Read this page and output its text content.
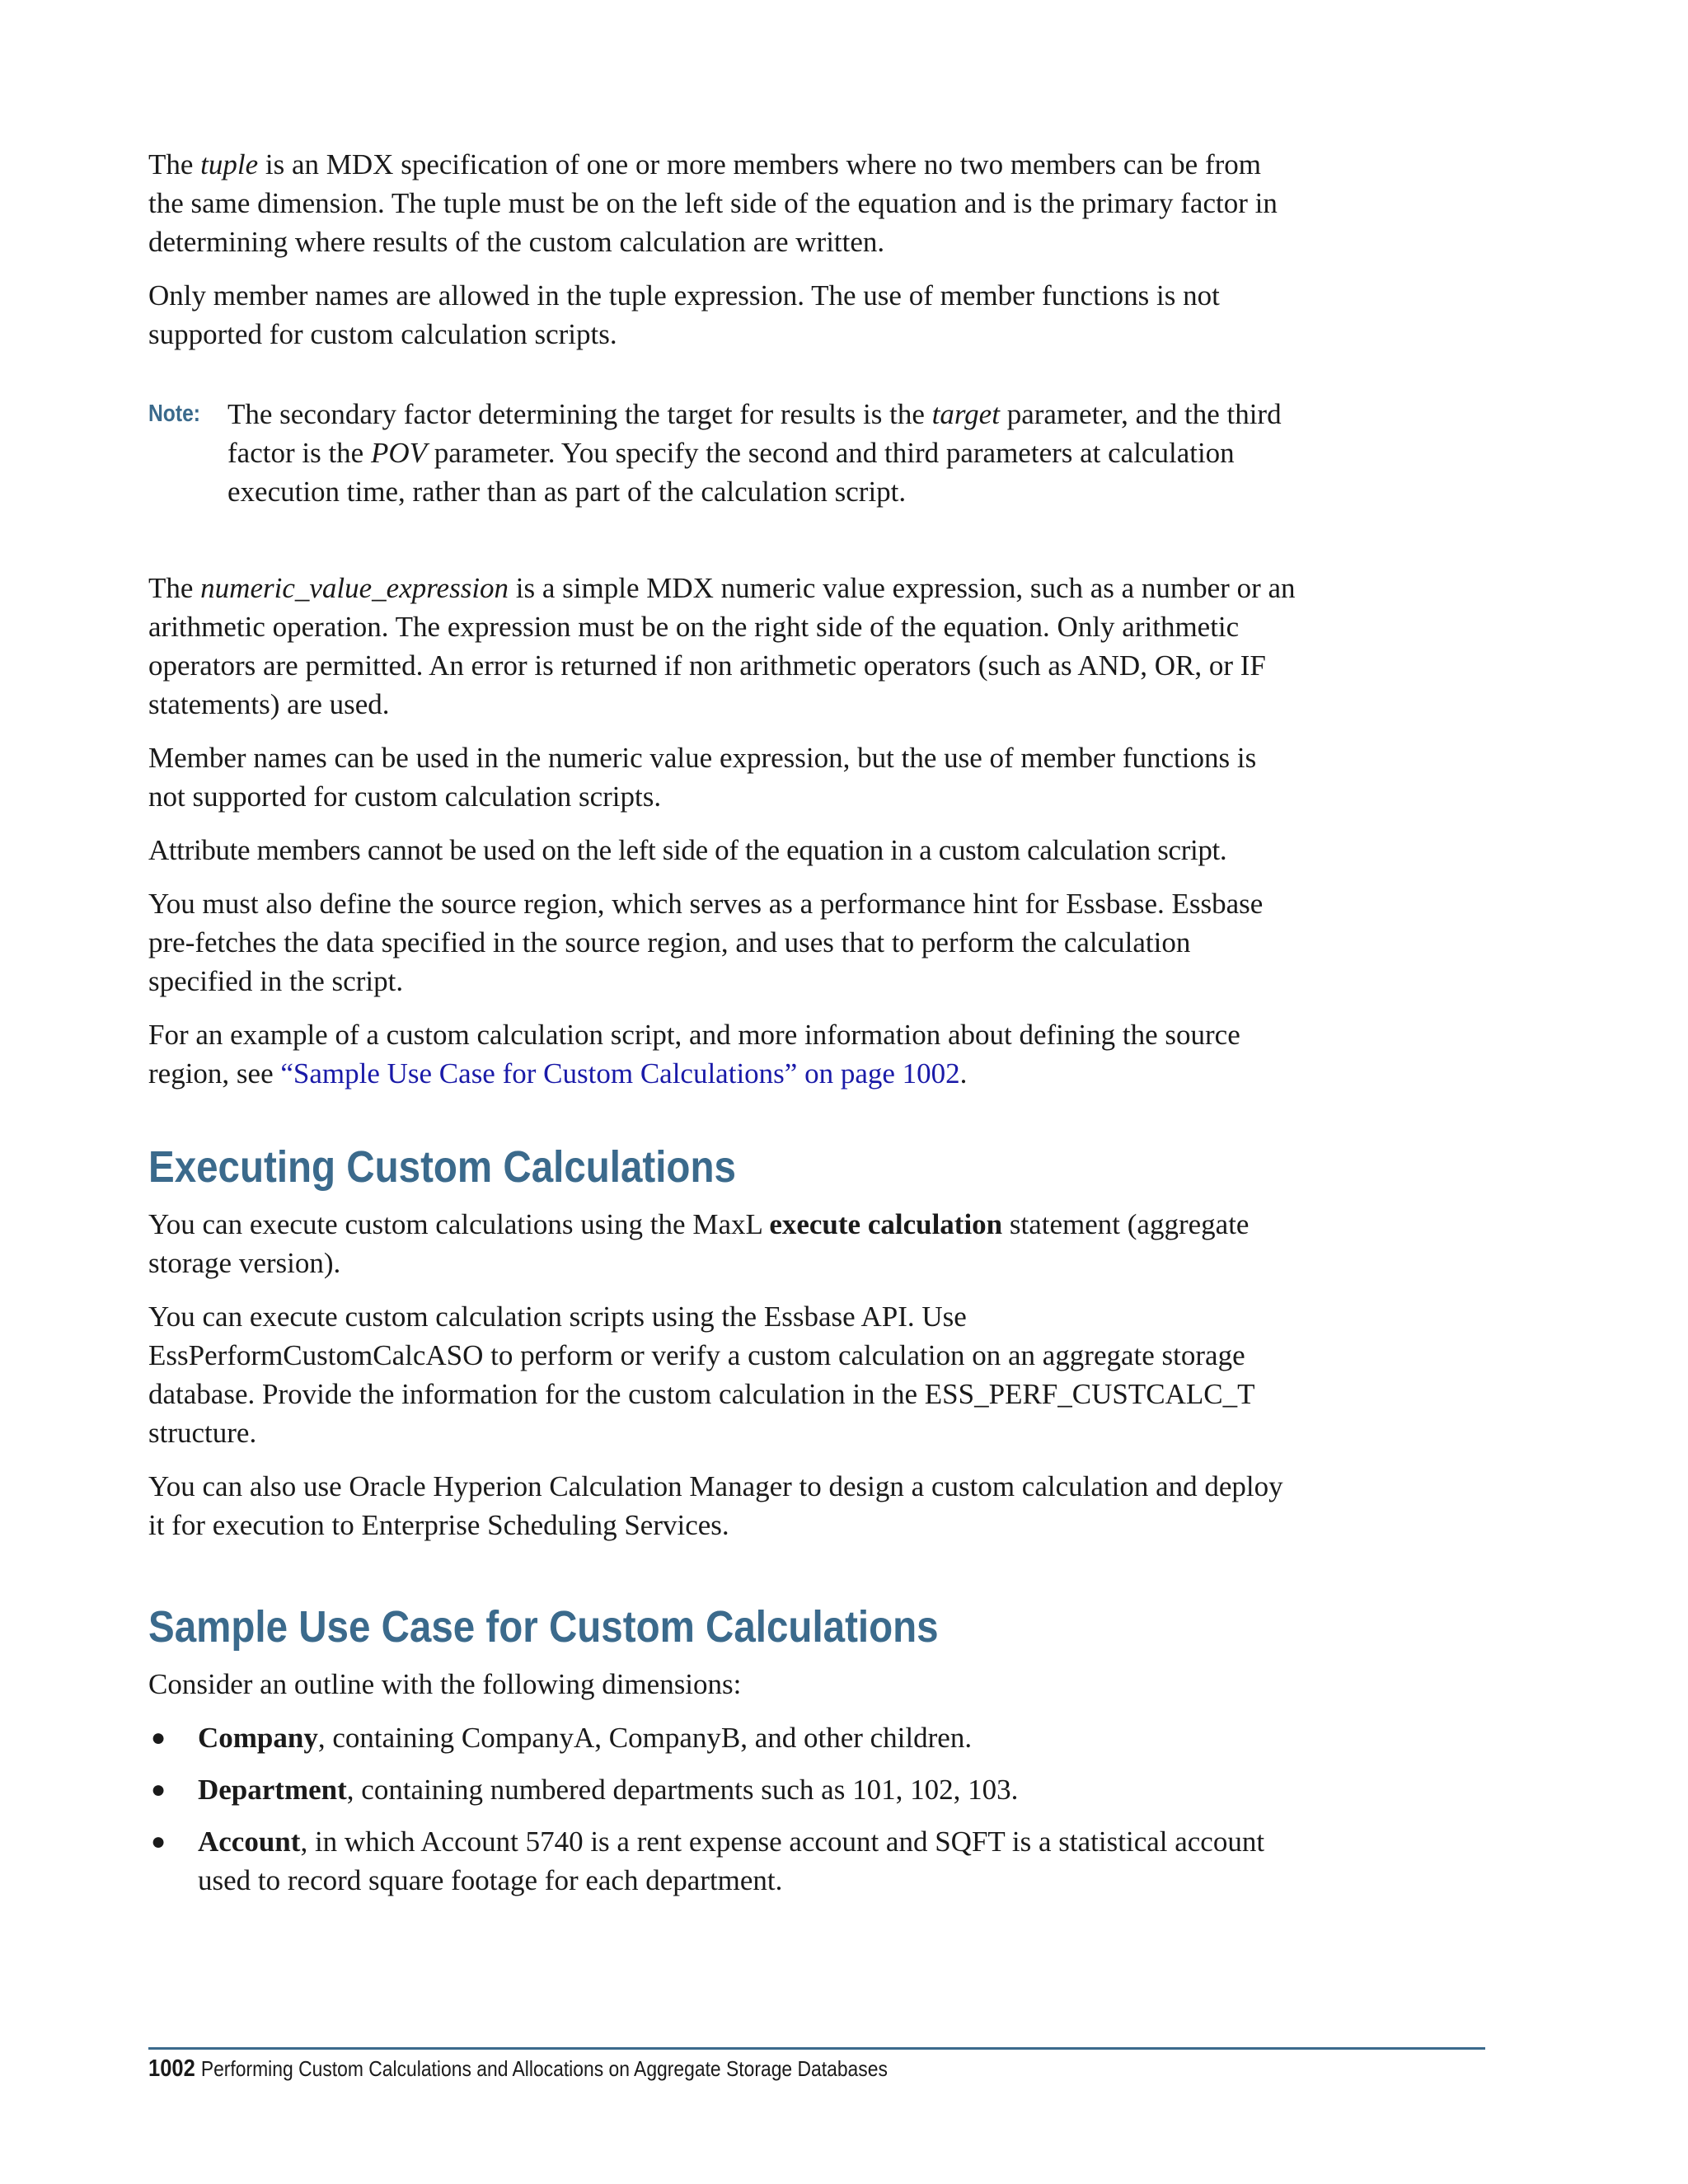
The tuple is an MDX specification of one or more members where no two members can be from the same dimension. The tuple must be on the left side of the equation and is the primary factor in determining where results of the custom calculation are written.

Only member names are allowed in the tuple expression. The use of member functions is not supported for custom calculation scripts.

Note: The secondary factor determining the target for results is the target parameter, and the third factor is the POV parameter. You specify the second and third parameters at calculation execution time, rather than as part of the calculation script.

The numeric_value_expression is a simple MDX numeric value expression, such as a number or an arithmetic operation. The expression must be on the right side of the equation. Only arithmetic operators are permitted. An error is returned if non arithmetic operators (such as AND, OR, or IF statements) are used.

Member names can be used in the numeric value expression, but the use of member functions is not supported for custom calculation scripts.

Attribute members cannot be used on the left side of the equation in a custom calculation script.

You must also define the source region, which serves as a performance hint for Essbase. Essbase pre-fetches the data specified in the source region, and uses that to perform the calculation specified in the script.

For an example of a custom calculation script, and more information about defining the source region, see “Sample Use Case for Custom Calculations” on page 1002.

Executing Custom Calculations

You can execute custom calculations using the MaxL execute calculation statement (aggregate storage version).

You can execute custom calculation scripts using the Essbase API. Use EssPerformCustomCalcASO to perform or verify a custom calculation on an aggregate storage database. Provide the information for the custom calculation in the ESS_PERF_CUSTCALC_T structure.

You can also use Oracle Hyperion Calculation Manager to design a custom calculation and deploy it for execution to Enterprise Scheduling Services.

Sample Use Case for Custom Calculations

Consider an outline with the following dimensions:

● Company, containing CompanyA, CompanyB, and other children.
● Department, containing numbered departments such as 101, 102, 103.
● Account, in which Account 5740 is a rent expense account and SQFT is a statistical account used to record square footage for each department.
1002 Performing Custom Calculations and Allocations on Aggregate Storage Databases
